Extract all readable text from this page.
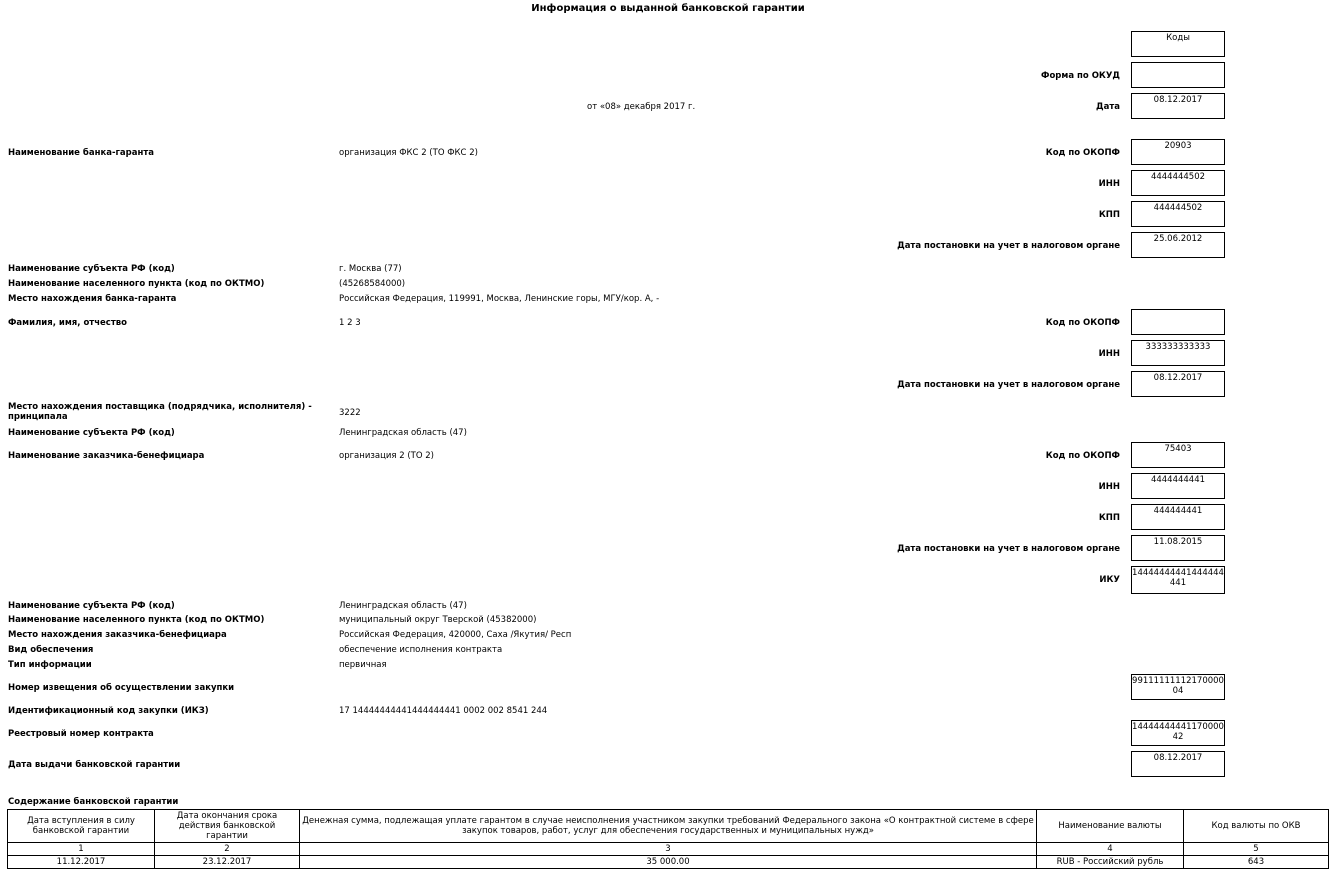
Информация о выданной банковской гарантии
Коды
Форма по ОКУД
от «08» декабря 2017 г.	Дата
08.12.2017
Наименование банка-гаранта	организация ФКС 2 (ТО ФКС 2)	Код по ОКОПФ
20903
ИНН
4444444502
КПП
444444502
Дата постановки на учет в налоговом органе
25.06.2012
Наименование субъекта РФ (код)	г. Москва (77)
Наименование населенного пункта (код по ОКТМО)	(45268584000)
Место нахождения банка-гаранта	Российская Федерация, 119991, Москва, Ленинские горы, МГУ/кор. А, -
Фамилия, имя, отчество	1 2 3	Код по ОКОПФ
ИНН
333333333333
Дата постановки на учет в налоговом органе
08.12.2017
Место нахождения поставщика (подрядчика, исполнителя) -
принципала	3222
Наименование субъекта РФ (код)	Ленинградская область (47)
Наименование заказчика-бенефициара	организация 2 (ТО 2)	Код по ОКОПФ
75403
ИНН
4444444441
КПП
444444441
Дата постановки на учет в налоговом органе
11.08.2015
ИКУ
14444444441444444441
Наименование субъекта РФ (код)	Ленинградская область (47)
Наименование населенного пункта (код по ОКТМО)	муниципальный округ Тверской (45382000)
Место нахождения заказчика-бенефициара	Российская Федерация, 420000, Саха /Якутия/ Респ
Вид обеспечения	обеспечение исполнения контракта
Тип информации	первичная
Номер извещения об осуществлении закупки
9911111111217000004
Идентификационный код закупки (ИКЗ)	17 14444444441444444441 0002 002 8541 244
Реестровый номер контракта
1444444444117000042
Дата выдачи банковской гарантии
08.12.2017
Содержание банковской гарантии
Дата вступления в силу банковской гарантии	Дата окончания срока действия банковской гарантии	Денежная сумма, подлежащая уплате гарантом в случае неисполнения участником закупки требований Федерального закона «О контрактной системе в сфере закупок товаров, работ, услуг для обеспечения государственных и муниципальных нужд»	Наименование валюты	Код валюты по ОКВ
1	2	3	4	5
11.12.2017	23.12.2017	35 000.00	RUB - Российский рубль	643
